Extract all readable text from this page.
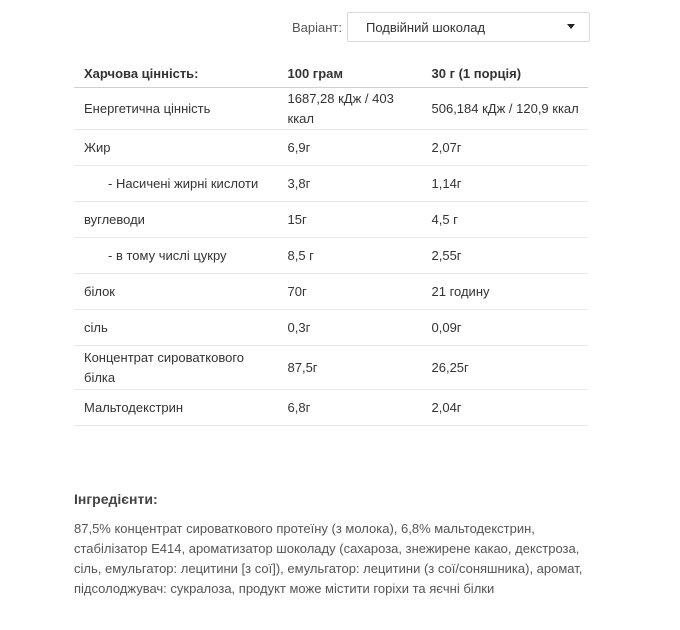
Варіант: Подвійний шоколад
Харчова цінність:	100 грам	30 г (1 порція)
Енергетична цінність	1687,28 кДж / 403 ккал	506,184 кДж / 120,9 ккал
Жир	6,9г	2,07г
- Насичені жирні кислоти	3,8г	1,14г
вуглеводи	15г	4,5 г
- в тому числі цукру	8,5 г	2,55г
білок	70г	21 годину
сіль	0,3г	0,09г
Концентрат сироваткового білка	87,5г	26,25г
Мальтодекстрин	6,8г	2,04г
Інгредієнти:
87,5% концентрат сироваткового протеїну (з молока), 6,8% мальтодекстрин, стабілізатор Е414, ароматизатор шоколаду (сахароза, знежирене какао, декстроза, сіль, емульгатор: лецитини [з сої]), емульгатор: лецитини (з сої/соняшника), аромат, підсолоджувач: сукралоза, продукт може містити горіхи та яєчні білки
